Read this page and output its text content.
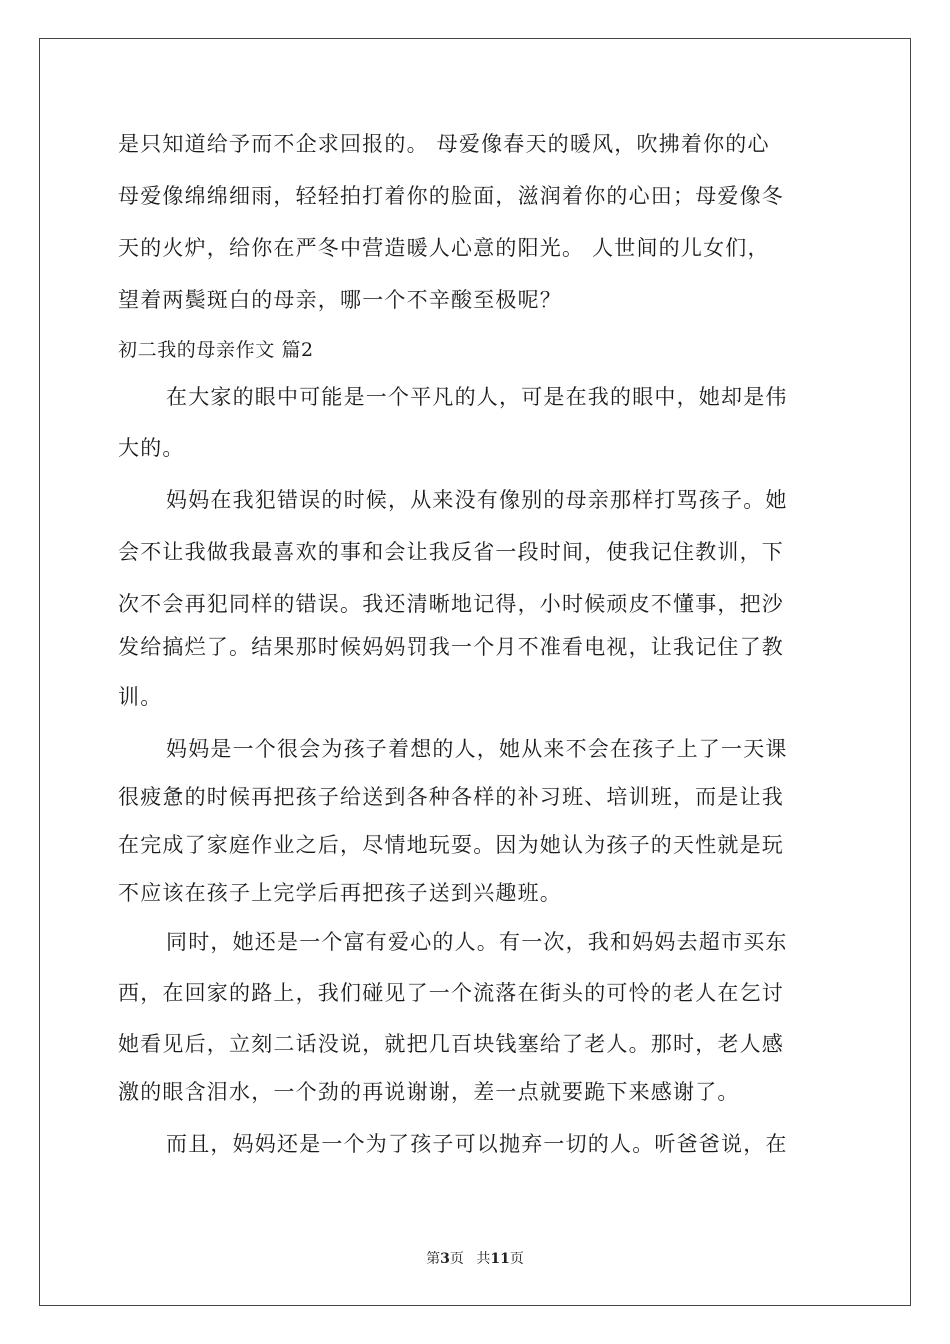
是只知道给予而不企求回报的。 母爱像春天的暖风，吹拂着你的心
母爱像绵绵细雨，轻轻拍打着你的脸面，滋润着你的心田；母爱像冬
天的火炉，给你在严冬中营造暖人心意的阳光。 人世间的儿女们，
望着两鬓斑白的母亲，哪一个不辛酸至极呢？
初二我的母亲作文 篇2
在大家的眼中可能是一个平凡的人，可是在我的眼中，她却是伟
大的。
妈妈在我犯错误的时候，从来没有像别的母亲那样打骂孩子。她
会不让我做我最喜欢的事和会让我反省一段时间，使我记住教训，下
次不会再犯同样的错误。我还清晰地记得，小时候顽皮不懂事，把沙
发给搞烂了。结果那时候妈妈罚我一个月不准看电视，让我记住了教
训。
妈妈是一个很会为孩子着想的人，她从来不会在孩子上了一天课
很疲惫的时候再把孩子给送到各种各样的补习班、培训班，而是让我
在完成了家庭作业之后，尽情地玩耍。因为她认为孩子的天性就是玩
不应该在孩子上完学后再把孩子送到兴趣班。
同时，她还是一个富有爱心的人。有一次，我和妈妈去超市买东
西，在回家的路上，我们碰见了一个流落在街头的可怜的老人在乞讨
她看见后，立刻二话没说，就把几百块钱塞给了老人。那时，老人感
激的眼含泪水，一个劲的再说谢谢，差一点就要跪下来感谢了。
而且，妈妈还是一个为了孩子可以抛弃一切的人。听爸爸说，在
第3页 共11页
